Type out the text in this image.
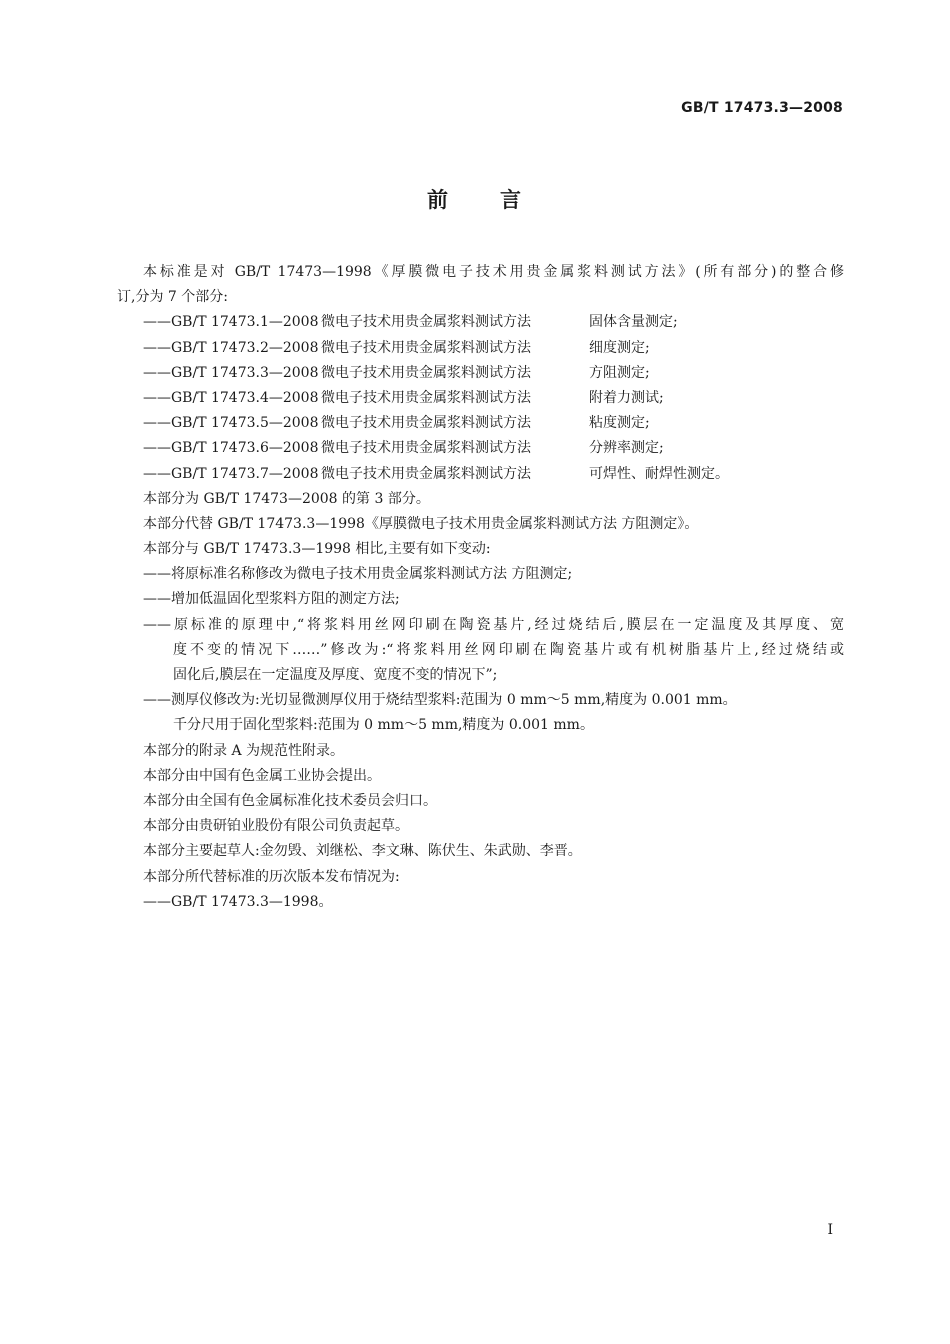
GB/T 17473.3—2008
前 言
本标准是对 GB/T 17473—1998《厚膜微电子技术用贵金属浆料测试方法》(所有部分)的整合修
订,分为 7 个部分:
——GB/T 17473.1—2008 微电子技术用贵金属浆料测试方法	固体含量测定;
——GB/T 17473.2—2008 微电子技术用贵金属浆料测试方法	细度测定;
——GB/T 17473.3—2008 微电子技术用贵金属浆料测试方法	方阻测定;
——GB/T 17473.4—2008 微电子技术用贵金属浆料测试方法	附着力测试;
——GB/T 17473.5—2008 微电子技术用贵金属浆料测试方法	粘度测定;
——GB/T 17473.6—2008 微电子技术用贵金属浆料测试方法	分辨率测定;
——GB/T 17473.7—2008 微电子技术用贵金属浆料测试方法	可焊性、耐焊性测定。
本部分为 GB/T 17473—2008 的第 3 部分。
本部分代替 GB/T 17473.3—1998《厚膜微电子技术用贵金属浆料测试方法 方阻测定》。
本部分与 GB/T 17473.3—1998 相比,主要有如下变动:
——将原标准名称修改为微电子技术用贵金属浆料测试方法 方阻测定;
——增加低温固化型浆料方阻的测定方法;
——原标准的原理中,“将浆料用丝网印刷在陶瓷基片,经过烧结后,膜层在一定温度及其厚度、宽
度不变的情况下……”修改为:“将浆料用丝网印刷在陶瓷基片或有机树脂基片上,经过烧结或
固化后,膜层在一定温度及厚度、宽度不变的情况下”;
——测厚仪修改为:光切显微测厚仪用于烧结型浆料:范围为 0 mm～5 mm,精度为 0.001 mm。
千分尺用于固化型浆料:范围为 0 mm～5 mm,精度为 0.001 mm。
本部分的附录 A 为规范性附录。
本部分由中国有色金属工业协会提出。
本部分由全国有色金属标准化技术委员会归口。
本部分由贵研铂业股份有限公司负责起草。
本部分主要起草人:金勿毁、刘继松、李文琳、陈伏生、朱武勋、李晋。
本部分所代替标准的历次版本发布情况为:
——GB/T 17473.3—1998。
I
